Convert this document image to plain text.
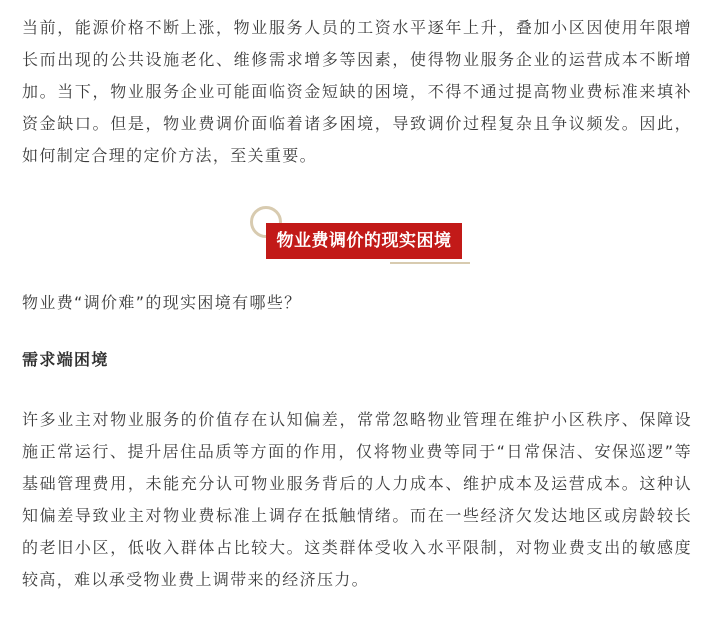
当前，能源价格不断上涨，物业服务人员的工资水平逐年上升，叠加小区因使用年限增长而出现的公共设施老化、维修需求增多等因素，使得物业服务企业的运营成本不断增加。当下，物业服务企业可能面临资金短缺的困境，不得不通过提高物业费标准来填补资金缺口。但是，物业费调价面临着诸多困境，导致调价过程复杂且争议频发。因此，如何制定合理的定价方法，至关重要。

物业费调价的现实困境

物业费“调价难”的现实困境有哪些？

需求端困境

许多业主对物业服务的价值存在认知偏差，常常忽略物业管理在维护小区秩序、保障设施正常运行、提升居住品质等方面的作用，仅将物业费等同于“日常保洁、安保巡逻”等基础管理费用，未能充分认可物业服务背后的人力成本、维护成本及运营成本。这种认知偏差导致业主对物业费标准上调存在抵触情绪。而在一些经济欠发达地区或房龄较长的老旧小区，低收入群体占比较大。这类群体受收入水平限制，对物业费支出的敏感度较高，难以承受物业费上调带来的经济压力。
